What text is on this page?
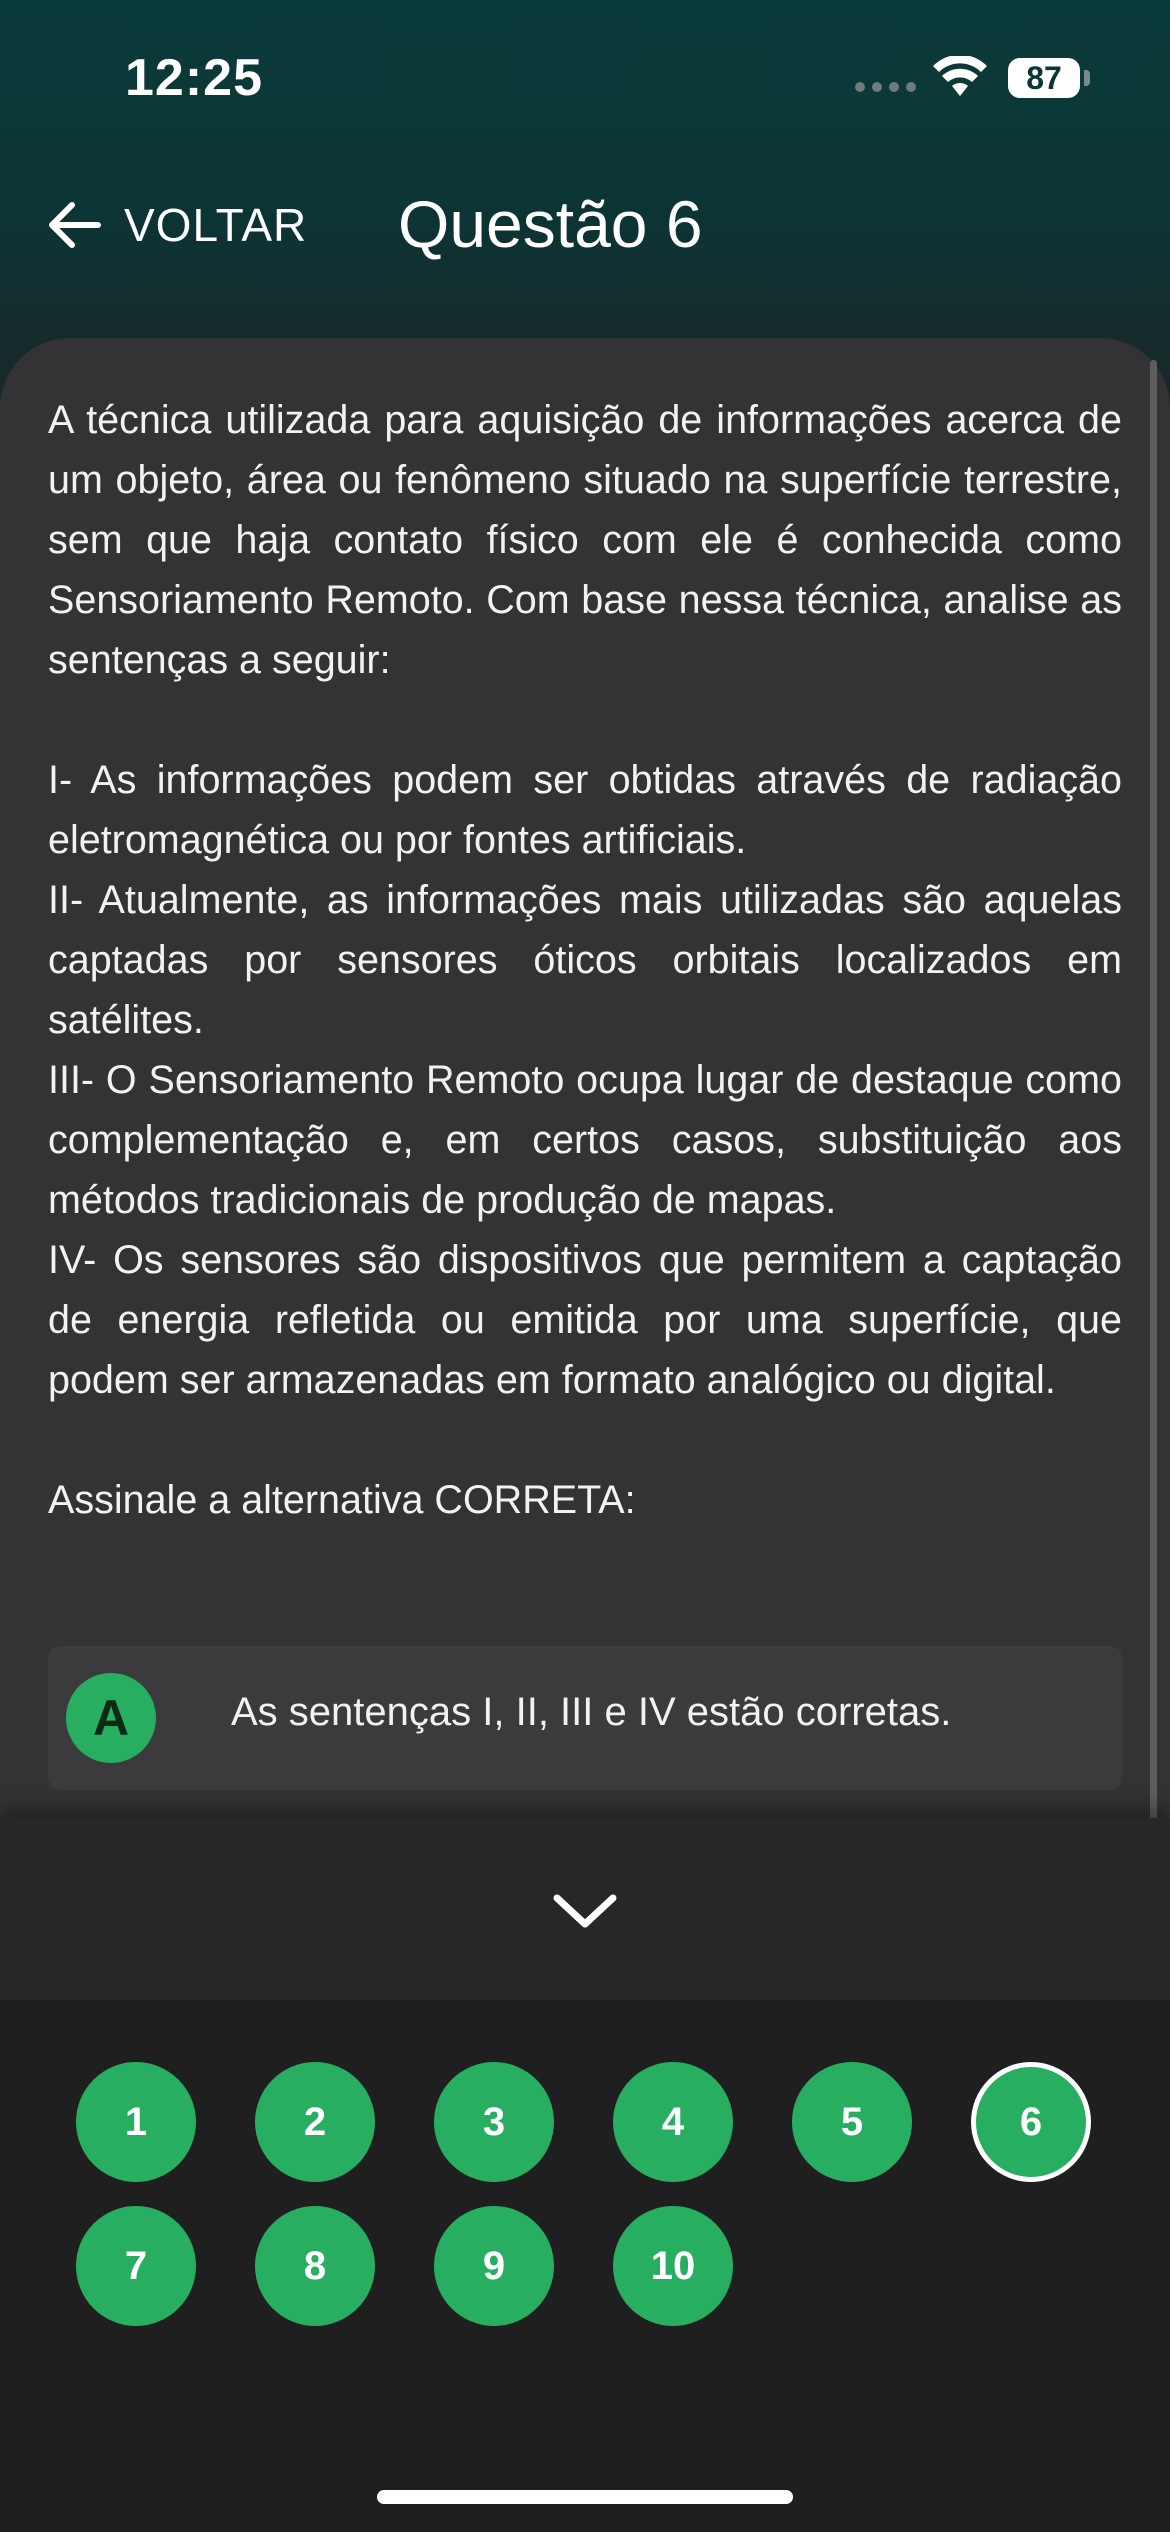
12:25	87
VOLTAR Questão 6

A técnica utilizada para aquisição de informações acerca de um objeto, área ou fenômeno situado na superfície terrestre, sem que haja contato físico com ele é conhecida como Sensoriamento Remoto. Com base nessa técnica, analise as sentenças a seguir:

I- As informações podem ser obtidas através de radiação eletromagnética ou por fontes artificiais.

II- Atualmente, as informações mais utilizadas são aquelas captadas por sensores óticos orbitais localizados em satélites.

III- O Sensoriamento Remoto ocupa lugar de destaque como complementação e, em certos casos, substituição aos métodos tradicionais de produção de mapas.

IV- Os sensores são dispositivos que permitem a captação de energia refletida ou emitida por uma superfície, que podem ser armazenadas em formato analógico ou digital.

Assinale a alternativa CORRETA:

A	As sentenças I, II, III e IV estão corretas.
1	2	3	4	5	6
7	8	9	10
